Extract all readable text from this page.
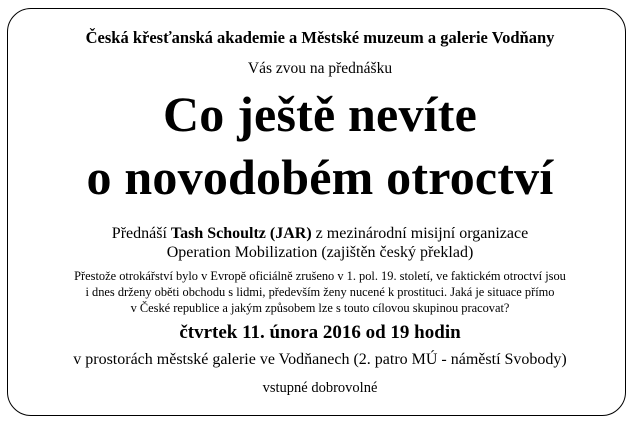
Česká křesťanská akademie a Městské muzeum a galerie Vodňany
Vás zvou na přednášku
Co ještě nevíte
o novodobém otroctví
Přednáší Tash Schoultz (JAR) z mezinárodní misijní organizace
Operation Mobilization (zajištěn český překlad)
Přestože otrokářství bylo v Evropě oficiálně zrušeno v 1. pol. 19. století, ve faktickém otroctví jsou
i dnes drženy oběti obchodu s lidmi, především ženy nucené k prostituci. Jaká je situace přímo
v České republice a jakým způsobem lze s touto cílovou skupinou pracovat?
čtvrtek 11. února 2016 od 19 hodin
v prostorách městské galerie ve Vodňanech (2. patro MÚ - náměstí Svobody)
vstupné dobrovolné
